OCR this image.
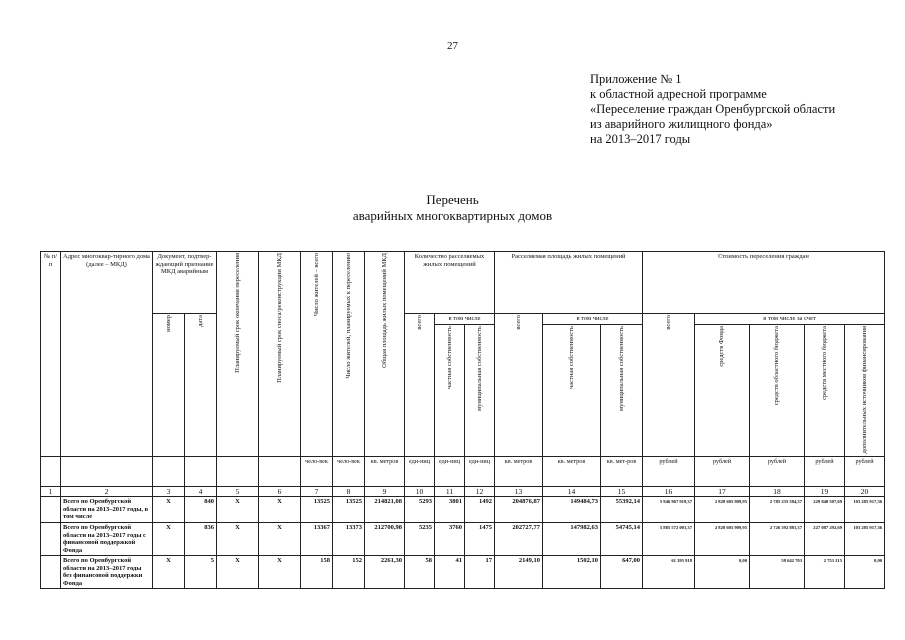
27
Приложение № 1
к областной адресной программе
«Переселение граждан Оренбургской области
из аварийного жилищного фонда»
на 2013–2017 годы
Перечень
аварийных многоквартирных домов
№ п/п	Адрес многоквар-тирного дома (далее – МКД)	Документ, подтвер-ждающий признание МКД аварийным		Планируемый срок окончания переселения	Планируемый срок сноса/реконструкции МКД	Число жителей – всего	Число жителей, планируемых к переселению	Общая площадь жилых помещений МКД	Количество расселяемых жилых помещений			Расселяемая площадь жилых помещений			Стоимость переселения граждан				
		номер	дата						всего	в том числе		всего	в том числе		всего	в том числе за счет			
										частная собственность	муниципальная собственность		частная собственность	муниципальная собственность		средств Фонда	средств областного бюджета	средств местного бюджета	дополнительных источников финансирования
						чело-век	чело-век	кв. метров	еди-ниц	еди-ниц	еди-ниц	кв. метров	кв. метров	кв. мет-ров	рублей	рублей	рублей	рублей	рублей
1	2	3	4	5	6	7	8	9	10	11	12	13	14	15	16	17	18	19	20
	Всего по Оренбургской области на 2013–2017 годы, в том числе	X	840	X	X	13525	13525	214821,08	5293	3801	1492	204876,87	149484,73	55392,14	5 946 967 919,37	2 828 605 909,95	2 785 235 584,37	229 840 507,69	103 285 917,36
	Всего по Оренбургской области на 2013–2017 годы с финансовой поддержкой Фонда	X	836	X	X	13367	13373	212700,98	5235	3760	1475	202727,77	147982,63	54745,14	5 885 572 001,37	2 828 605 909,95	2 726 592 881,37	227 087 292,69	103 285 917,36
	Всего по Оренбургской области на 2013–2017 годы без финансовой поддержки Фонда	X	5	X	X	158	152	2261,30	58	41	17	2149,10	1502,10	647,00	61 395 918	0,00	58 642 703	2 753 215	0,00
